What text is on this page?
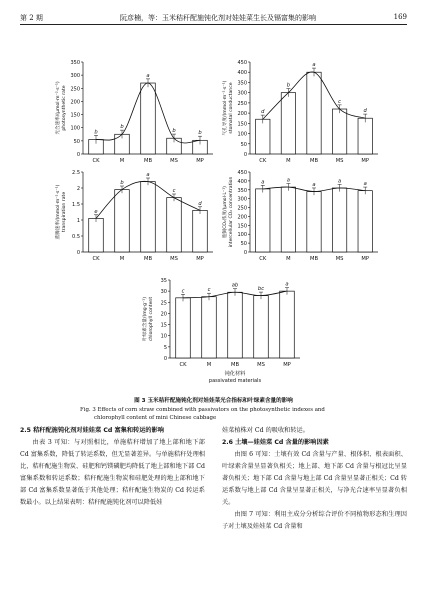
第 2 期	阮彦楠，等：玉米秸秆配施钝化剂对娃娃菜生长及镉富集的影响	169
0
50
100
150
200
250
300
350
光合速率/(μmol·m⁻²·s⁻¹) photosynthetic rate
b
CK
b
M
a
MB
b
MS
b
MP
0
50
100
150
200
250
300
350
400
450
气孔导度/(mmol·m⁻²·s⁻¹) stomatal conductance	d
CK
b
M
a
MB
c
MS
d
MP
0
0.5
1
1.5
2
2.5
蒸腾速率/(mmol·m⁻²·s⁻¹) transpiration rate	e
CK
b
M
a
MB
c
MS
d
MP
0
50
100
150
200
250
300
350
400
450
胞间CO₂浓度/(μmol·L⁻¹) intercellular CO₂ concentration	a
CK
a
M
a
MB
a
MS
a
MP
0
5
10
15
20
25
30
35
叶绿素含量/(mg·g⁻¹) chlorophyll content
c
CK
c
M
ab
MB
bc
MS
a
MP
钝化材料
passivated materials
图 3 玉米秸秆配施钝化剂对娃娃菜光合指标和叶绿素含量的影响
Fig. 3 Effects of corn straw combined with passivators on the photosynthetic indexes and
chlorophyll content of mini Chinese cabbage

2.5 秸秆配施钝化剂对娃娃菜 Cd 富集和转运的影响

由表 3 可知：与对照相比，单施秸秆增加了地上部和地下部 Cd 富集系数，降低了转运系数，但无显著差异。与单施秸秆处理相比，秸秆配施生物炭、硅肥和钙镁磷肥均降低了地上部和地下部 Cd 富集系数和转运系数；秸秆配施生物炭和硅肥处理的地上部和地下部 Cd 富集系数显著低于其他处理；秸秆配施生物炭的 Cd 转运系数最小。以上结果表明：秸秆配施钝化剂可以降低娃

娃菜植株对 Cd 的吸收和转运。

2.6 土壤—娃娃菜 Cd 含量的影响因素

由图 6 可知：土壤有效 Cd 含量与产量、根体积、根表面积、叶绿素含量呈显著负相关；地上部、地下部 Cd 含量与根冠比呈显著负相关；地下部 Cd 含量与地上部 Cd 含量呈显著正相关；Cd 转运系数与地上部 Cd 含量呈显著正相关，与净光合速率呈显著负相关。

由图 7 可知：利用主成分分析综合评价不同植物形态和生理因子对土壤及娃娃菜 Cd 含量和
